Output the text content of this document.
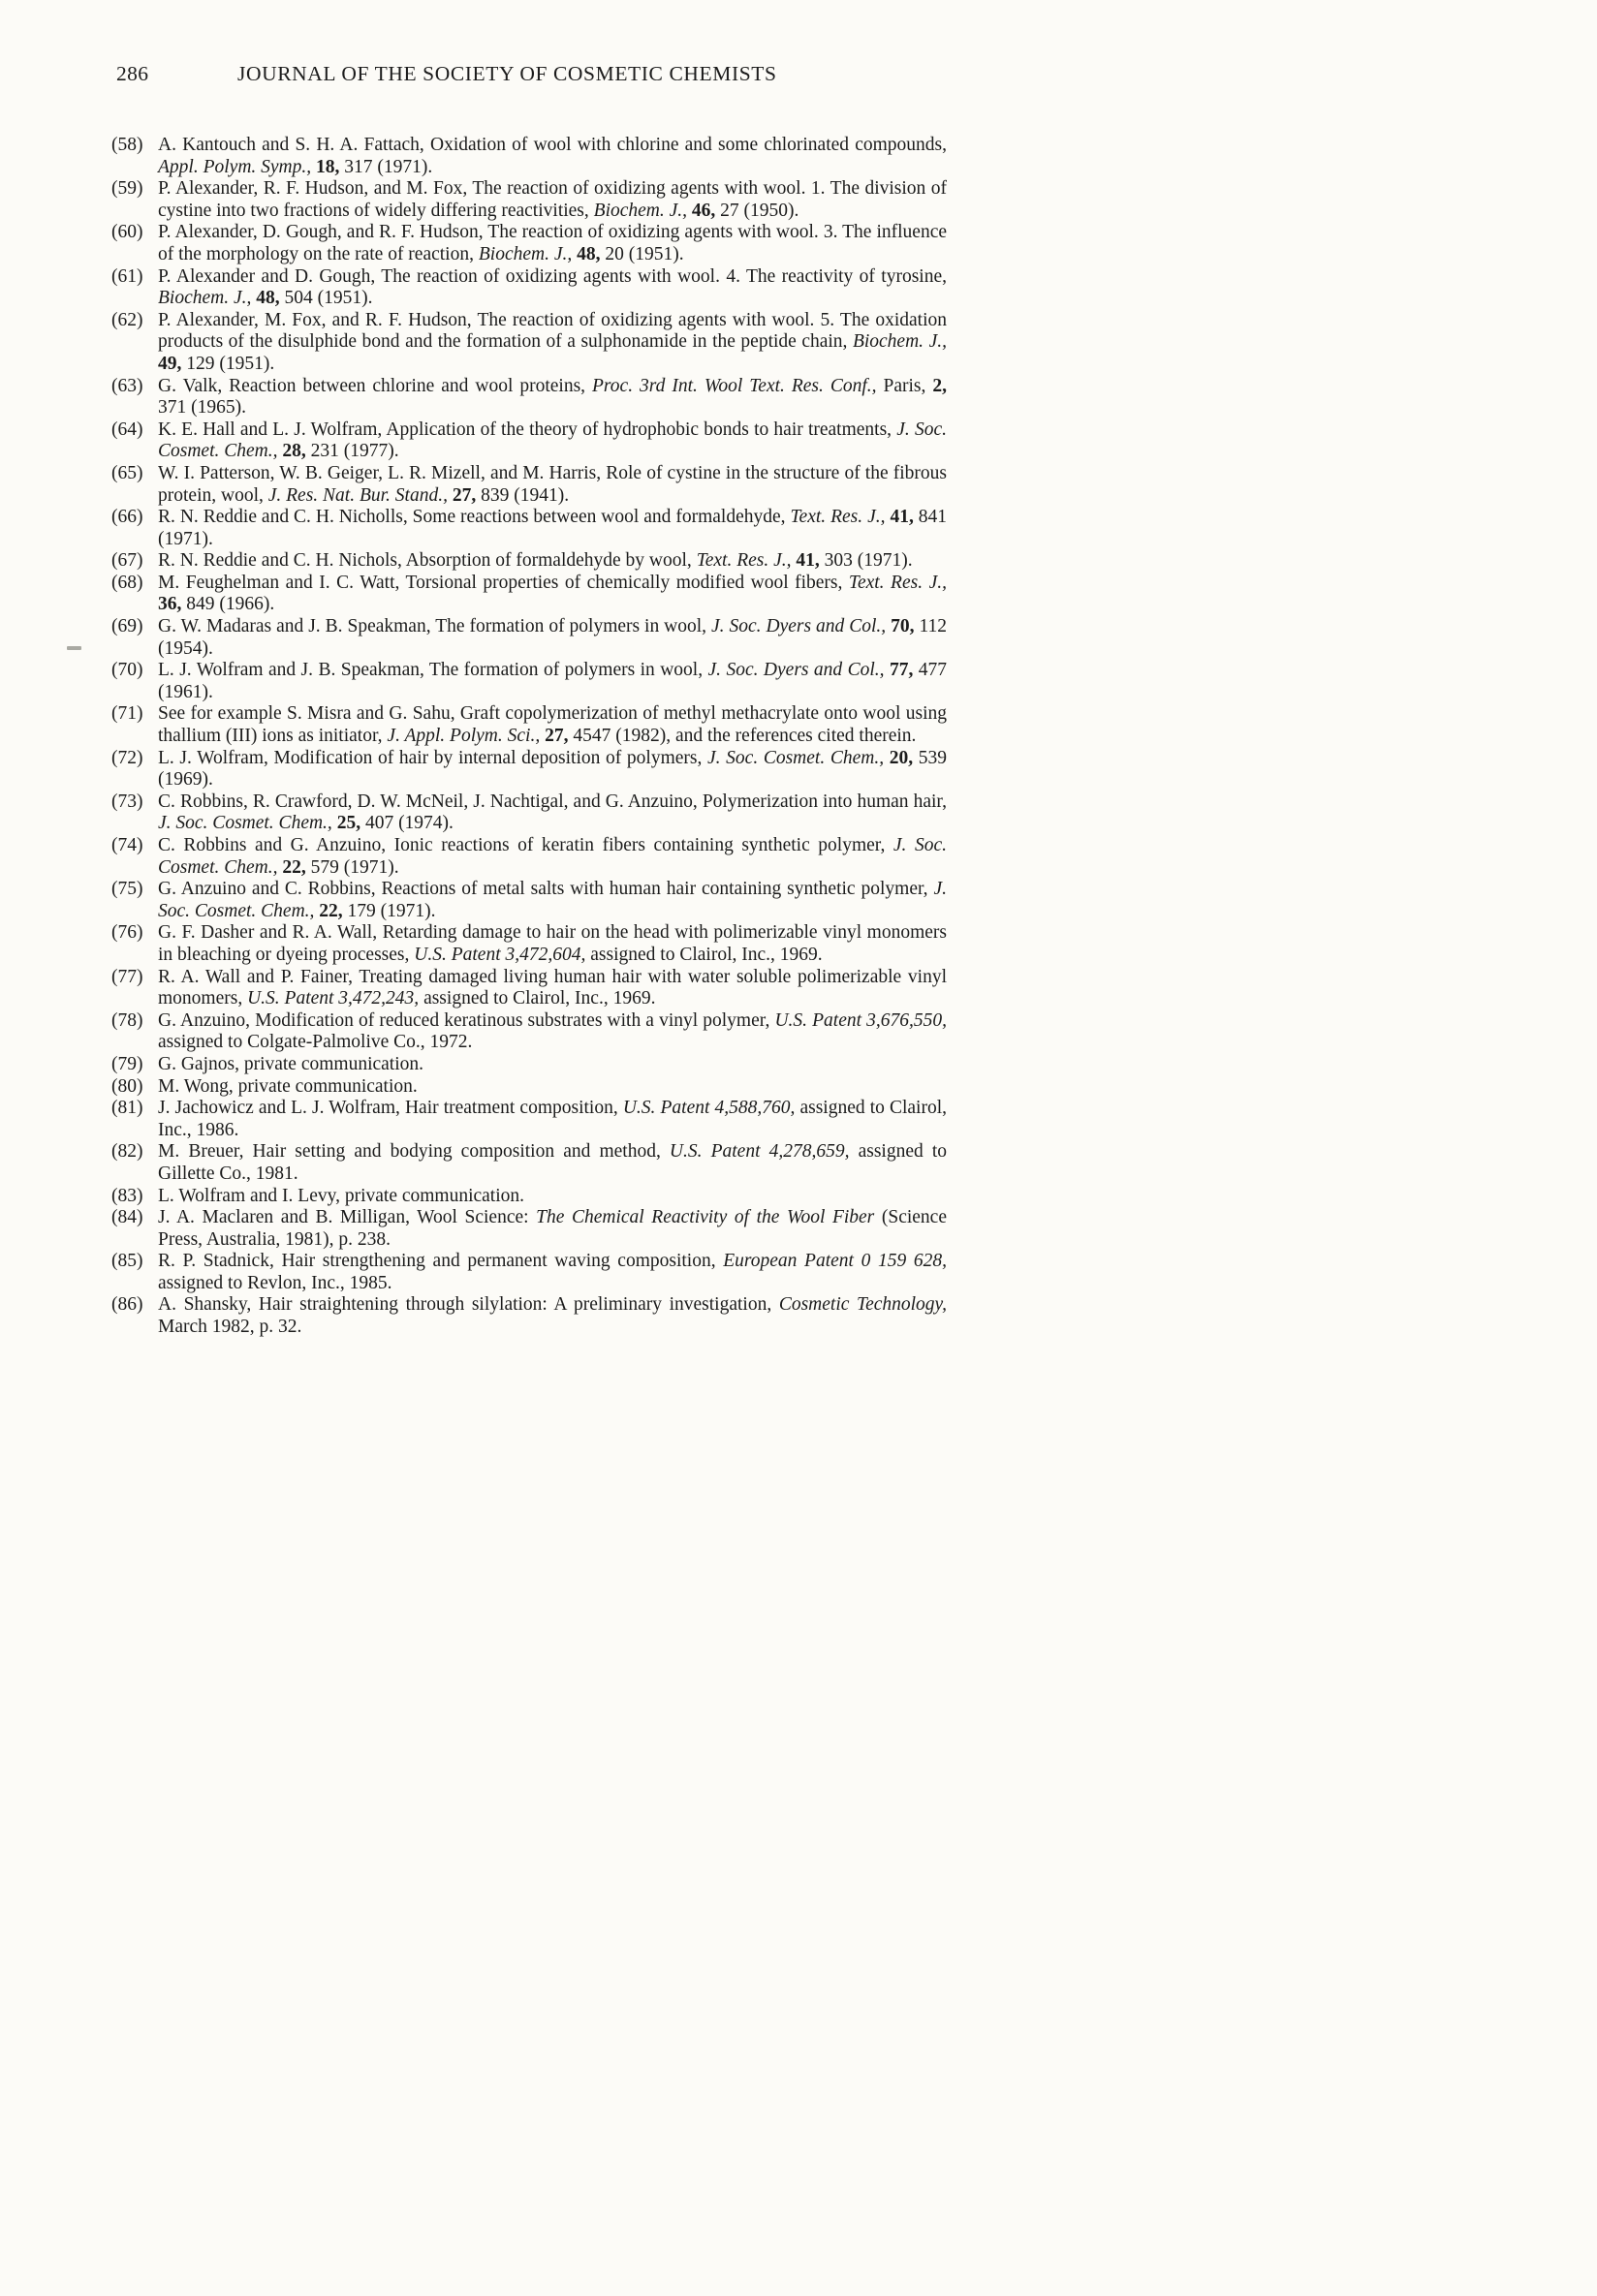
286	JOURNAL OF THE SOCIETY OF COSMETIC CHEMISTS
(58) A. Kantouch and S. H. A. Fattach, Oxidation of wool with chlorine and some chlorinated compounds, Appl. Polym. Symp., 18, 317 (1971).
(59) P. Alexander, R. F. Hudson, and M. Fox, The reaction of oxidizing agents with wool. 1. The division of cystine into two fractions of widely differing reactivities, Biochem. J., 46, 27 (1950).
(60) P. Alexander, D. Gough, and R. F. Hudson, The reaction of oxidizing agents with wool. 3. The influence of the morphology on the rate of reaction, Biochem. J., 48, 20 (1951).
(61) P. Alexander and D. Gough, The reaction of oxidizing agents with wool. 4. The reactivity of tyrosine, Biochem. J., 48, 504 (1951).
(62) P. Alexander, M. Fox, and R. F. Hudson, The reaction of oxidizing agents with wool. 5. The oxidation products of the disulphide bond and the formation of a sulphonamide in the peptide chain, Biochem. J., 49, 129 (1951).
(63) G. Valk, Reaction between chlorine and wool proteins, Proc. 3rd Int. Wool Text. Res. Conf., Paris, 2, 371 (1965).
(64) K. E. Hall and L. J. Wolfram, Application of the theory of hydrophobic bonds to hair treatments, J. Soc. Cosmet. Chem., 28, 231 (1977).
(65) W. I. Patterson, W. B. Geiger, L. R. Mizell, and M. Harris, Role of cystine in the structure of the fibrous protein, wool, J. Res. Nat. Bur. Stand., 27, 839 (1941).
(66) R. N. Reddie and C. H. Nicholls, Some reactions between wool and formaldehyde, Text. Res. J., 41, 841 (1971).
(67) R. N. Reddie and C. H. Nichols, Absorption of formaldehyde by wool, Text. Res. J., 41, 303 (1971).
(68) M. Feughelman and I. C. Watt, Torsional properties of chemically modified wool fibers, Text. Res. J., 36, 849 (1966).
(69) G. W. Madaras and J. B. Speakman, The formation of polymers in wool, J. Soc. Dyers and Col., 70, 112 (1954).
(70) L. J. Wolfram and J. B. Speakman, The formation of polymers in wool, J. Soc. Dyers and Col., 77, 477 (1961).
(71) See for example S. Misra and G. Sahu, Graft copolymerization of methyl methacrylate onto wool using thallium (III) ions as initiator, J. Appl. Polym. Sci., 27, 4547 (1982), and the references cited therein.
(72) L. J. Wolfram, Modification of hair by internal deposition of polymers, J. Soc. Cosmet. Chem., 20, 539 (1969).
(73) C. Robbins, R. Crawford, D. W. McNeil, J. Nachtigal, and G. Anzuino, Polymerization into human hair, J. Soc. Cosmet. Chem., 25, 407 (1974).
(74) C. Robbins and G. Anzuino, Ionic reactions of keratin fibers containing synthetic polymer, J. Soc. Cosmet. Chem., 22, 579 (1971).
(75) G. Anzuino and C. Robbins, Reactions of metal salts with human hair containing synthetic polymer, J. Soc. Cosmet. Chem., 22, 179 (1971).
(76) G. F. Dasher and R. A. Wall, Retarding damage to hair on the head with polimerizable vinyl monomers in bleaching or dyeing processes, U.S. Patent 3,472,604, assigned to Clairol, Inc., 1969.
(77) R. A. Wall and P. Fainer, Treating damaged living human hair with water soluble polimerizable vinyl monomers, U.S. Patent 3,472,243, assigned to Clairol, Inc., 1969.
(78) G. Anzuino, Modification of reduced keratinous substrates with a vinyl polymer, U.S. Patent 3,676,550, assigned to Colgate-Palmolive Co., 1972.
(79) G. Gajnos, private communication.
(80) M. Wong, private communication.
(81) J. Jachowicz and L. J. Wolfram, Hair treatment composition, U.S. Patent 4,588,760, assigned to Clairol, Inc., 1986.
(82) M. Breuer, Hair setting and bodying composition and method, U.S. Patent 4,278,659, assigned to Gillette Co., 1981.
(83) L. Wolfram and I. Levy, private communication.
(84) J. A. Maclaren and B. Milligan, Wool Science: The Chemical Reactivity of the Wool Fiber (Science Press, Australia, 1981), p. 238.
(85) R. P. Stadnick, Hair strengthening and permanent waving composition, European Patent 0 159 628, assigned to Revlon, Inc., 1985.
(86) A. Shansky, Hair straightening through silylation: A preliminary investigation, Cosmetic Technology, March 1982, p. 32.
